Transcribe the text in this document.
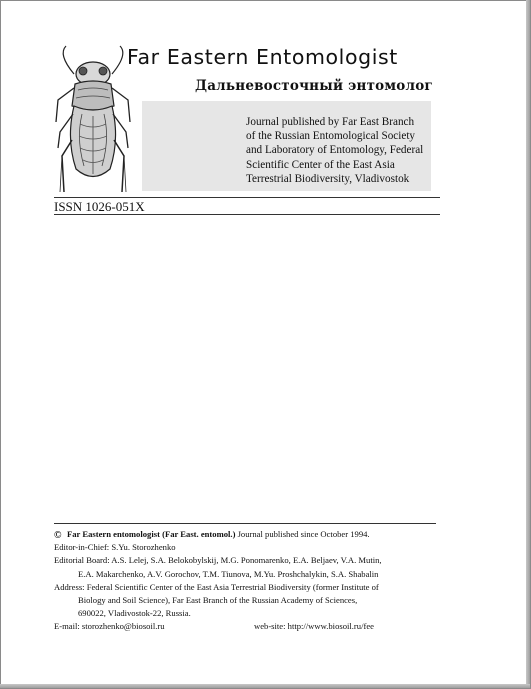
Far Eastern Entomologist
Дальневосточный энтомолог
Journal published by Far East Branch
of the Russian Entomological Society
and Laboratory of Entomology, Federal
Scientific Center of the East Asia
Terrestrial Biodiversity, Vladivostok
ISSN 1026-051X
© Far Eastern entomologist (Far East. entomol.) Journal published since October 1994.
Editor-in-Chief: S.Yu. Storozhenko
Editorial Board: A.S. Lelej, S.A. Belokobylskij, M.G. Ponomarenko, E.A. Beljaev, V.A. Mutin,
E.A. Makarchenko, A.V. Gorochov, T.M. Tiunova, M.Yu. Proshchalykin, S.A. Shabalin
Address: Federal Scientific Center of the East Asia Terrestrial Biodiversity (former Institute of
Biology and Soil Science), Far East Branch of the Russian Academy of Sciences,
690022, Vladivostok-22, Russia.
E-mail: storozhenko@biosoil.ru	web-site: http://www.biosoil.ru/fee
